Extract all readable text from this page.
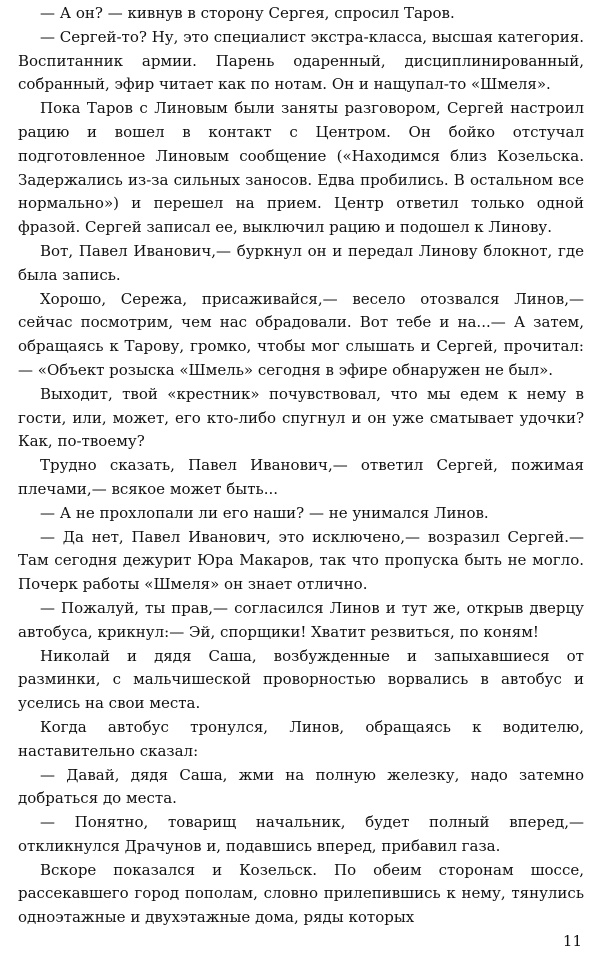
— А он? — кивнув в сторону Сергея, спросил Таров.

— Сергей-то? Ну, это специалист экстра-класса, высшая категория. Воспитанник армии. Парень одаренный, дисциплинированный, собранный, эфир читает как по нотам. Он и нащупал-то «Шмеля».

Пока Таров с Линовым были заняты разговором, Сергей настроил рацию и вошел в контакт с Центром. Он бойко отстучал подготовленное Линовым сообщение («Находимся близ Козельска. Задержались из-за сильных заносов. Едва пробились. В остальном все нормально») и перешел на прием. Центр ответил только одной фразой. Сергей записал ее, выключил рацию и подошел к Линову.

Вот, Павел Иванович,— буркнул он и передал Линову блокнот, где была запись.

Хорошо, Сережа, присаживайся,— весело отозвался Линов,— сейчас посмотрим, чем нас обрадовали. Вот тебе и на...— А затем, обращаясь к Тарову, громко, чтобы мог слышать и Сергей, прочитал:— «Объект розыска «Шмель» сегодня в эфире обнаружен не был».

Выходит, твой «крестник» почувствовал, что мы едем к нему в гости, или, может, его кто-либо спугнул и он уже сматывает удочки? Как, по-твоему?

Трудно сказать, Павел Иванович,— ответил Сергей, пожимая плечами,— всякое может быть...

— А не прохлопали ли его наши? — не унимался Линов.

— Да нет, Павел Иванович, это исключено,— возразил Сергей.— Там сегодня дежурит Юра Макаров, так что пропуска быть не могло. Почерк работы «Шмеля» он знает отлично.

— Пожалуй, ты прав,— согласился Линов и тут же, открыв дверцу автобуса, крикнул:— Эй, спорщики! Хватит резвиться, по коням!

Николай и дядя Саша, возбужденные и запыхавшиеся от разминки, с мальчишеской проворностью ворвались в автобус и уселись на свои места.

Когда автобус тронулся, Линов, обращаясь к водителю, наставительно сказал:

— Давай, дядя Саша, жми на полную железку, надо затемно добраться до места.

— Понятно, товарищ начальник, будет полный вперед,— откликнулся Драчунов и, подавшись вперед, прибавил газа.

Вскоре показался и Козельск. По обеим сторонам шоссе, рассекавшего город пополам, словно прилепившись к нему, тянулись одноэтажные и двухэтажные дома, ряды которых

11
